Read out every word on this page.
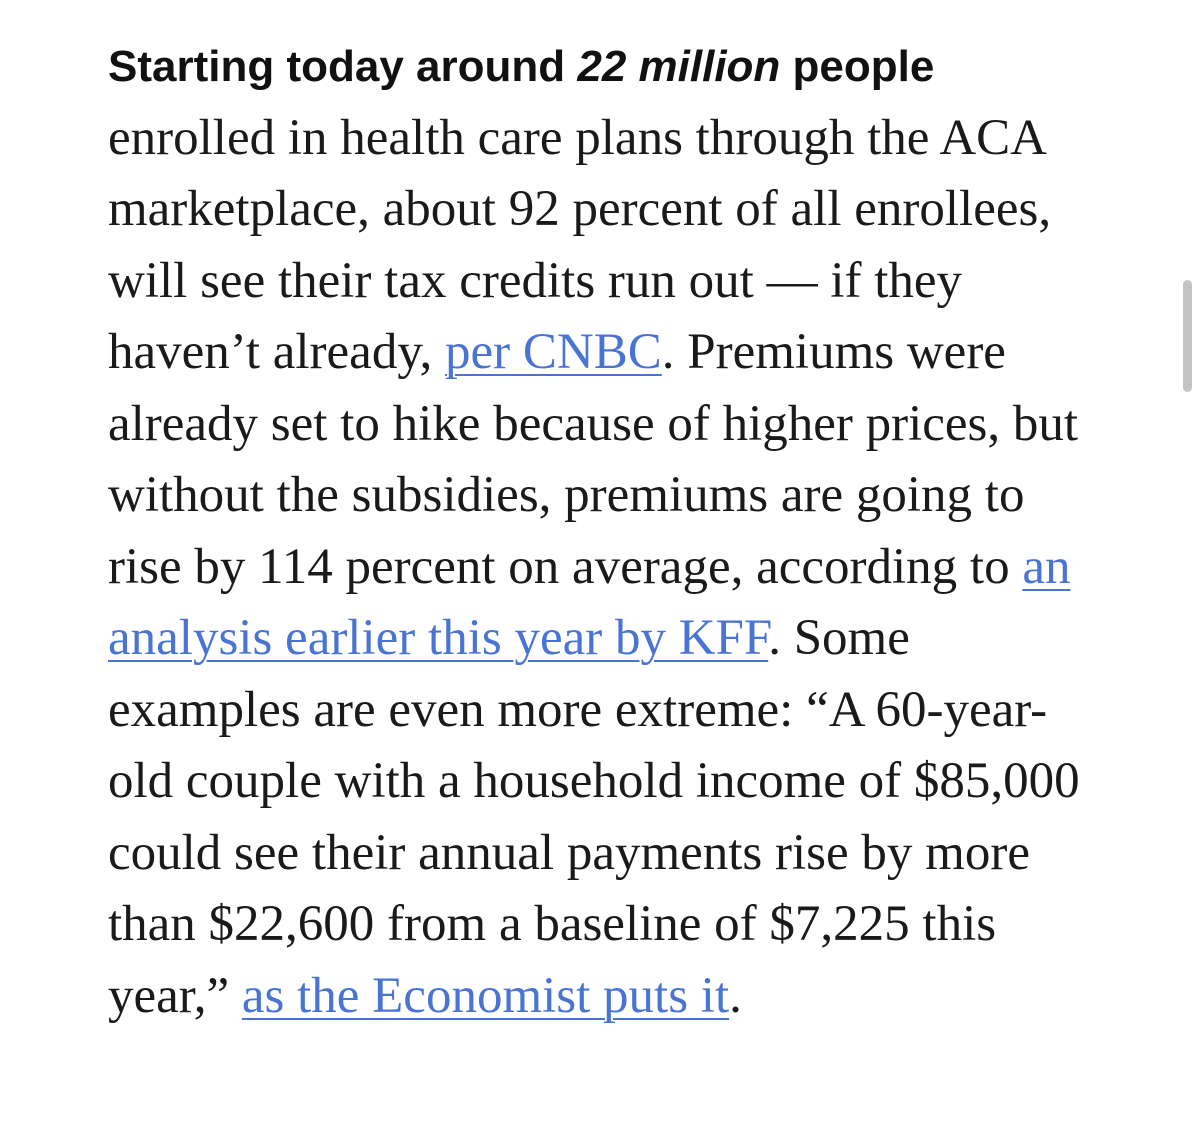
Starting today around 22 million people enrolled in health care plans through the ACA marketplace, about 92 percent of all enrollees, will see their tax credits run out — if they haven’t already, per CNBC. Premiums were already set to hike because of higher prices, but without the subsidies, premiums are going to rise by 114 percent on average, according to an analysis earlier this year by KFF. Some examples are even more extreme: “A 60-year-old couple with a household income of $85,000 could see their annual payments rise by more than $22,600 from a baseline of $7,225 this year,” as the Economist puts it.
